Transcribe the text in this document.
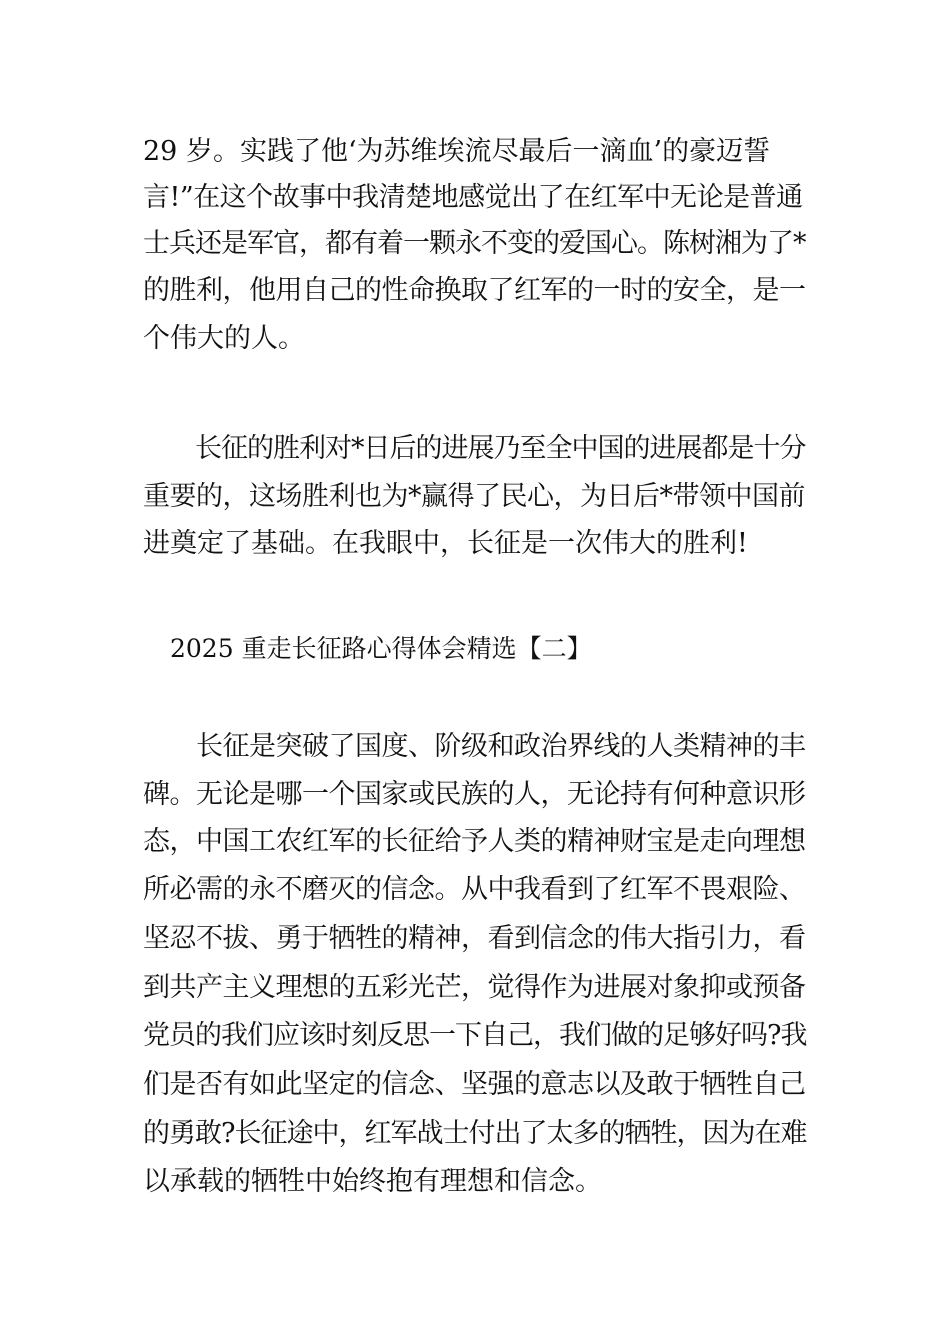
29 岁。实践了他‘为苏维埃流尽最后一滴血’的豪迈誓
言!”在这个故事中我清楚地感觉出了在红军中无论是普通
士兵还是军官，都有着一颗永不变的爱国心。陈树湘为了*
的胜利，他用自己的性命换取了红军的一时的安全，是一
个伟大的人。
　　长征的胜利对*日后的进展乃至全中国的进展都是十分
重要的，这场胜利也为*赢得了民心，为日后*带领中国前
进奠定了基础。在我眼中，长征是一次伟大的胜利!
2025 重走长征路心得体会精选【二】
　　长征是突破了国度、阶级和政治界线的人类精神的丰
碑。无论是哪一个国家或民族的人，无论持有何种意识形
态，中国工农红军的长征给予人类的精神财宝是走向理想
所必需的永不磨灭的信念。从中我看到了红军不畏艰险、
坚忍不拔、勇于牺牲的精神，看到信念的伟大指引力，看
到共产主义理想的五彩光芒，觉得作为进展对象抑或预备
党员的我们应该时刻反思一下自己，我们做的足够好吗?我
们是否有如此坚定的信念、坚强的意志以及敢于牺牲自己
的勇敢?长征途中，红军战士付出了太多的牺牲，因为在难
以承载的牺牲中始终抱有理想和信念。
